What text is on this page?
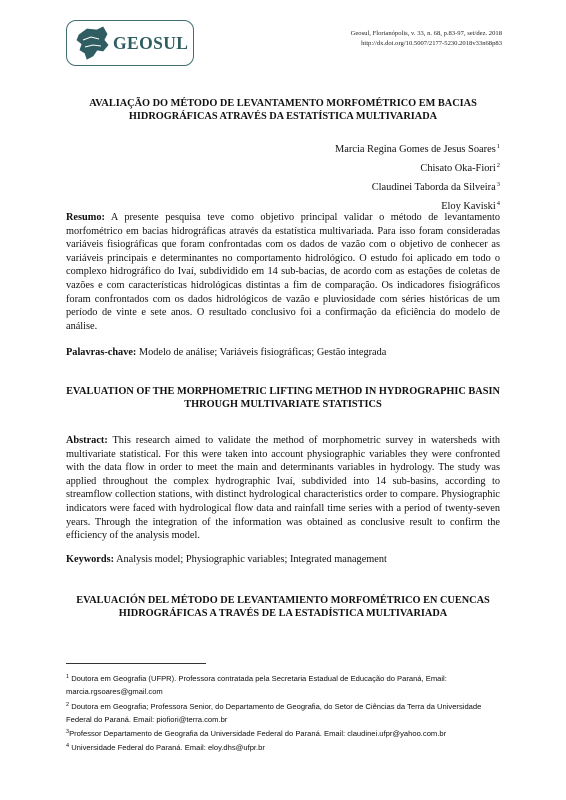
GEOSUL	Geosul, Florianópolis, v. 33, n. 68, p.83-97, set/dez. 2018
http://dx.doi.org/10.5007/2177-5230.2018v33n68p83
AVALIAÇÃO DO MÉTODO DE LEVANTAMENTO MORFOMÉTRICO EM BACIAS HIDROGRÁFICAS ATRAVÉS DA ESTATÍSTICA MULTIVARIADA
Marcia Regina Gomes de Jesus Soares$^1$
Chisato Oka-Fiori$^2$
Claudinei Taborda da Silveira$^3$
Eloy Kaviski$^4$
Resumo: A presente pesquisa teve como objetivo principal validar o método de levantamento morfométrico em bacias hidrográficas através da estatística multivariada. Para isso foram consideradas variáveis fisiográficas que foram confrontadas com os dados de vazão com o objetivo de conhecer as variáveis principais e determinantes no comportamento hidrológico. O estudo foi aplicado em todo o complexo hidrográfico do Ivaí, subdividido em 14 sub-bacias, de acordo com as estações de coletas de vazões e com características hidrológicas distintas a fim de comparação. Os indicadores fisiográficos foram confrontados com os dados hidrológicos de vazão e pluviosidade com séries históricas de um período de vinte e sete anos. O resultado conclusivo foi a confirmação da eficiência do modelo de análise.
Palavras-chave: Modelo de análise; Variáveis fisiográficas; Gestão integrada
EVALUATION OF THE MORPHOMETRIC LIFTING METHOD IN HYDROGRAPHIC BASIN THROUGH MULTIVARIATE STATISTICS
Abstract: This research aimed to validate the method of morphometric survey in watersheds with multivariate statistical. For this were taken into account physiographic variables they were confronted with the data flow in order to meet the main and determinants variables in hydrology. The study was applied throughout the complex hydrographic Ivaí, subdivided into 14 sub-basins, according to streamflow collection stations, with distinct hydrological characteristics order to compare. Physiographic indicators were faced with hydrological flow data and rainfall time series with a period of twenty-seven years. Through the integration of the information was obtained as conclusive result to confirm the efficiency of the analysis model.
Keywords: Analysis model; Physiographic variables; Integrated management
EVALUACIÓN DEL MÉTODO DE LEVANTAMIENTO MORFOMÉTRICO EN CUENCAS HIDROGRÁFICAS A TRAVÉS DE LA ESTADÍSTICA MULTIVARIADA
$^1$ Doutora em Geografia (UFPR). Professora contratada pela Secretaria Estadual de Educação do Paraná, Email: marcia.rgsoares@gmail.com
$^2$ Doutora em Geografia; Professora Senior, do Departamento de Geografia, do Setor de Ciências da Terra da Universidade Federal do Paraná. Email: piofiori@terra.com.br
$^3$Professor Departamento de Geografia da Universidade Federal do Paraná. Email: claudinei.ufpr@yahoo.com.br
$^4$ Universidade Federal do Paraná. Email: eloy.dhs@ufpr.br
